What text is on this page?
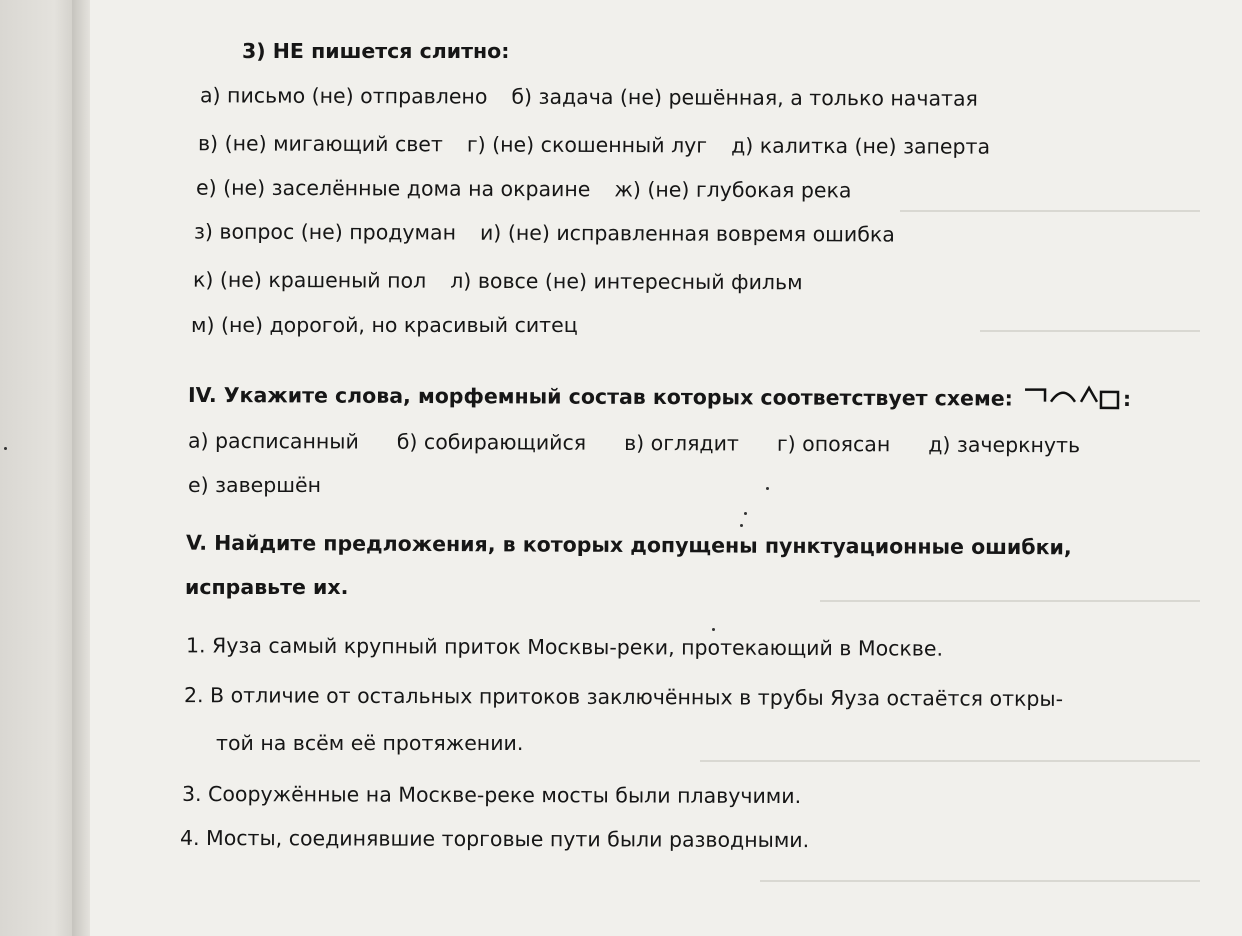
3) НЕ пишется слитно:
а) письмо (не) отправлено б) задача (не) решённая, а только начатая
в) (не) мигающий свет г) (не) скошенный луг д) калитка (не) заперта
е) (не) заселённые дома на окраине ж) (не) глубокая река
з) вопрос (не) продуман и) (не) исправленная вовремя ошибка
к) (не) крашеный пол л) вовсе (не) интересный фильм
м) (не) дорогой, но красивый ситец
IV. Укажите слова, морфемный состав которых соответствует схеме:	:
а) расписанный б) собирающийся в) оглядит г) опоясан д) зачеркнуть
е) завершён
V. Найдите предложения, в которых допущены пунктуационные ошибки,
исправьте их.
1. Яуза самый крупный приток Москвы-реки, протекающий в Москве.
2. В отличие от остальных притоков заключённых в трубы Яуза остаётся откры-
той на всём её протяжении.
3. Сооружённые на Москве-реке мосты были плавучими.
4. Мосты, соединявшие торговые пути были разводными.
